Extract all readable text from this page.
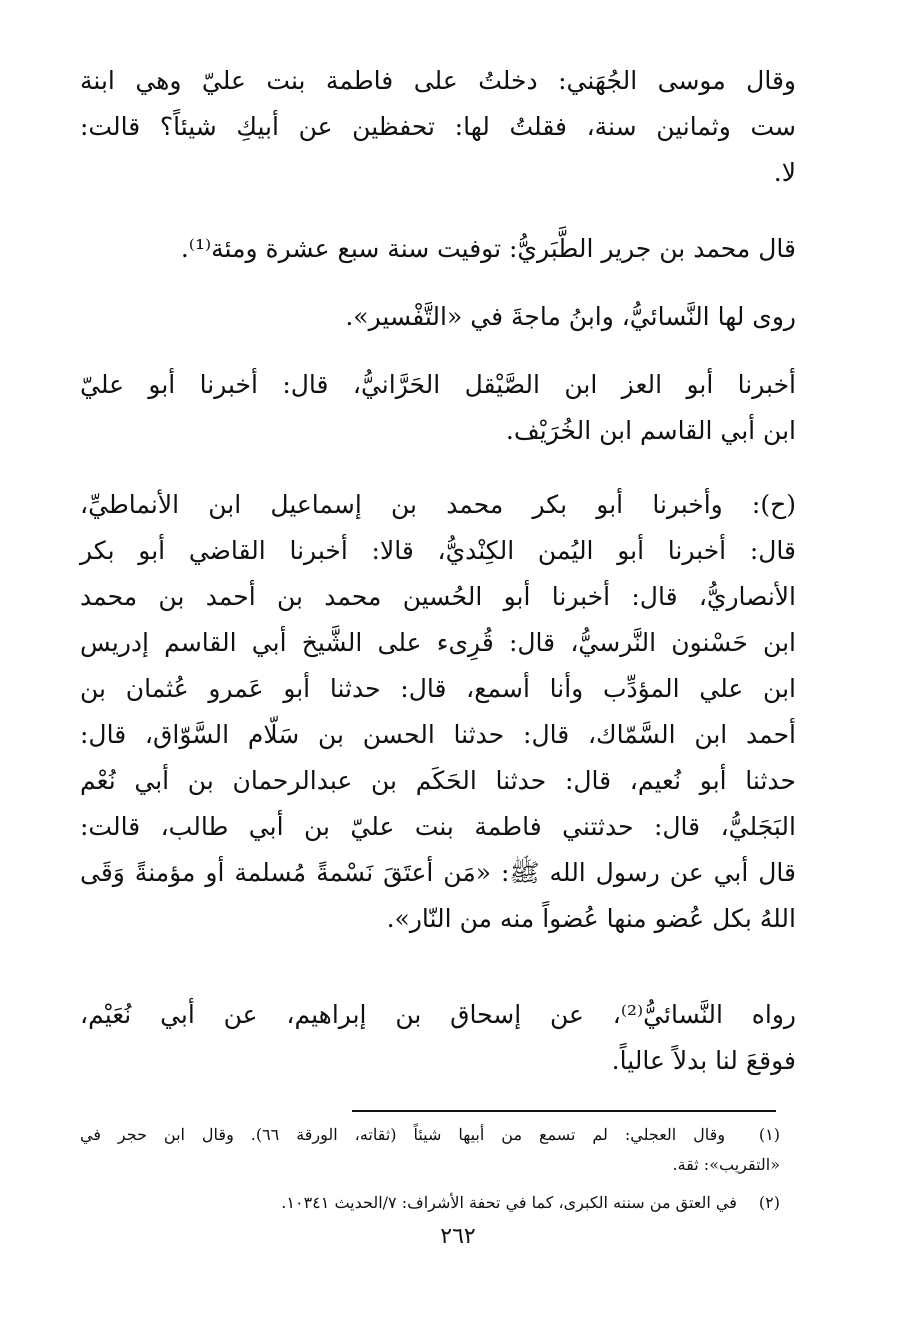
وقال موسى الجُهَني: دخلتُ على فاطمة بنت عليّ وهي ابنة
ست وثمانين سنة، فقلتُ لها: تحفظين عن أبيكِ شيئاً؟ قالت:
لا.

قال محمد بن جرير الطَّبَريُّ: توفيت سنة سبع عشرة ومئة⁽¹⁾.

روى لها النَّسائيُّ، وابنُ ماجةَ في «التَّفْسير».

أخبرنا أبو العز ابن الصَّيْقل الحَرَّانيُّ، قال: أخبرنا أبو عليّ
ابن أبي القاسم ابن الخُرَيْف.

(ح): وأخبرنا أبو بكر محمد بن إسماعيل ابن الأنماطيِّ،
قال: أخبرنا أبو اليُمن الكِنْديُّ، قالا: أخبرنا القاضي أبو بكر
الأنصاريُّ، قال: أخبرنا أبو الحُسين محمد بن أحمد بن محمد
ابن حَسْنون النَّرسيُّ، قال: قُرِىء على الشَّيخ أبي القاسم إدريس
ابن علي المؤدِّب وأنا أسمع، قال: حدثنا أبو عَمرو عُثمان بن
أحمد ابن السَّمّاك، قال: حدثنا الحسن بن سَلّام السَّوّاق، قال:
حدثنا أبو نُعيم، قال: حدثنا الحَكَم بن عبدالرحمان بن أبي نُعْم
البَجَليُّ، قال: حدثتني فاطمة بنت عليّ بن أبي طالب، قالت:
قال أبي عن رسول الله ﷺ: «مَن أعتَقَ نَسْمةً مُسلمة أو مؤمنةً وَقَى
اللهُ بكل عُضو منها عُضواً منه من النّار».

رواه النَّسائيُّ⁽²⁾، عن إسحاق بن إبراهيم، عن أبي نُعَيْم،
فوقعَ لنا بدلاً عالياً.

(١) وقال العجلي: لم تسمع من أبيها شيئاً (ثقاته، الورقة ٦٦). وقال ابن حجر في
«التقريب»: ثقة.
(٢) في العتق من سننه الكبرى، كما في تحفة الأشراف: ٧/الحديث ١٠٣٤١.
٢٦٢
